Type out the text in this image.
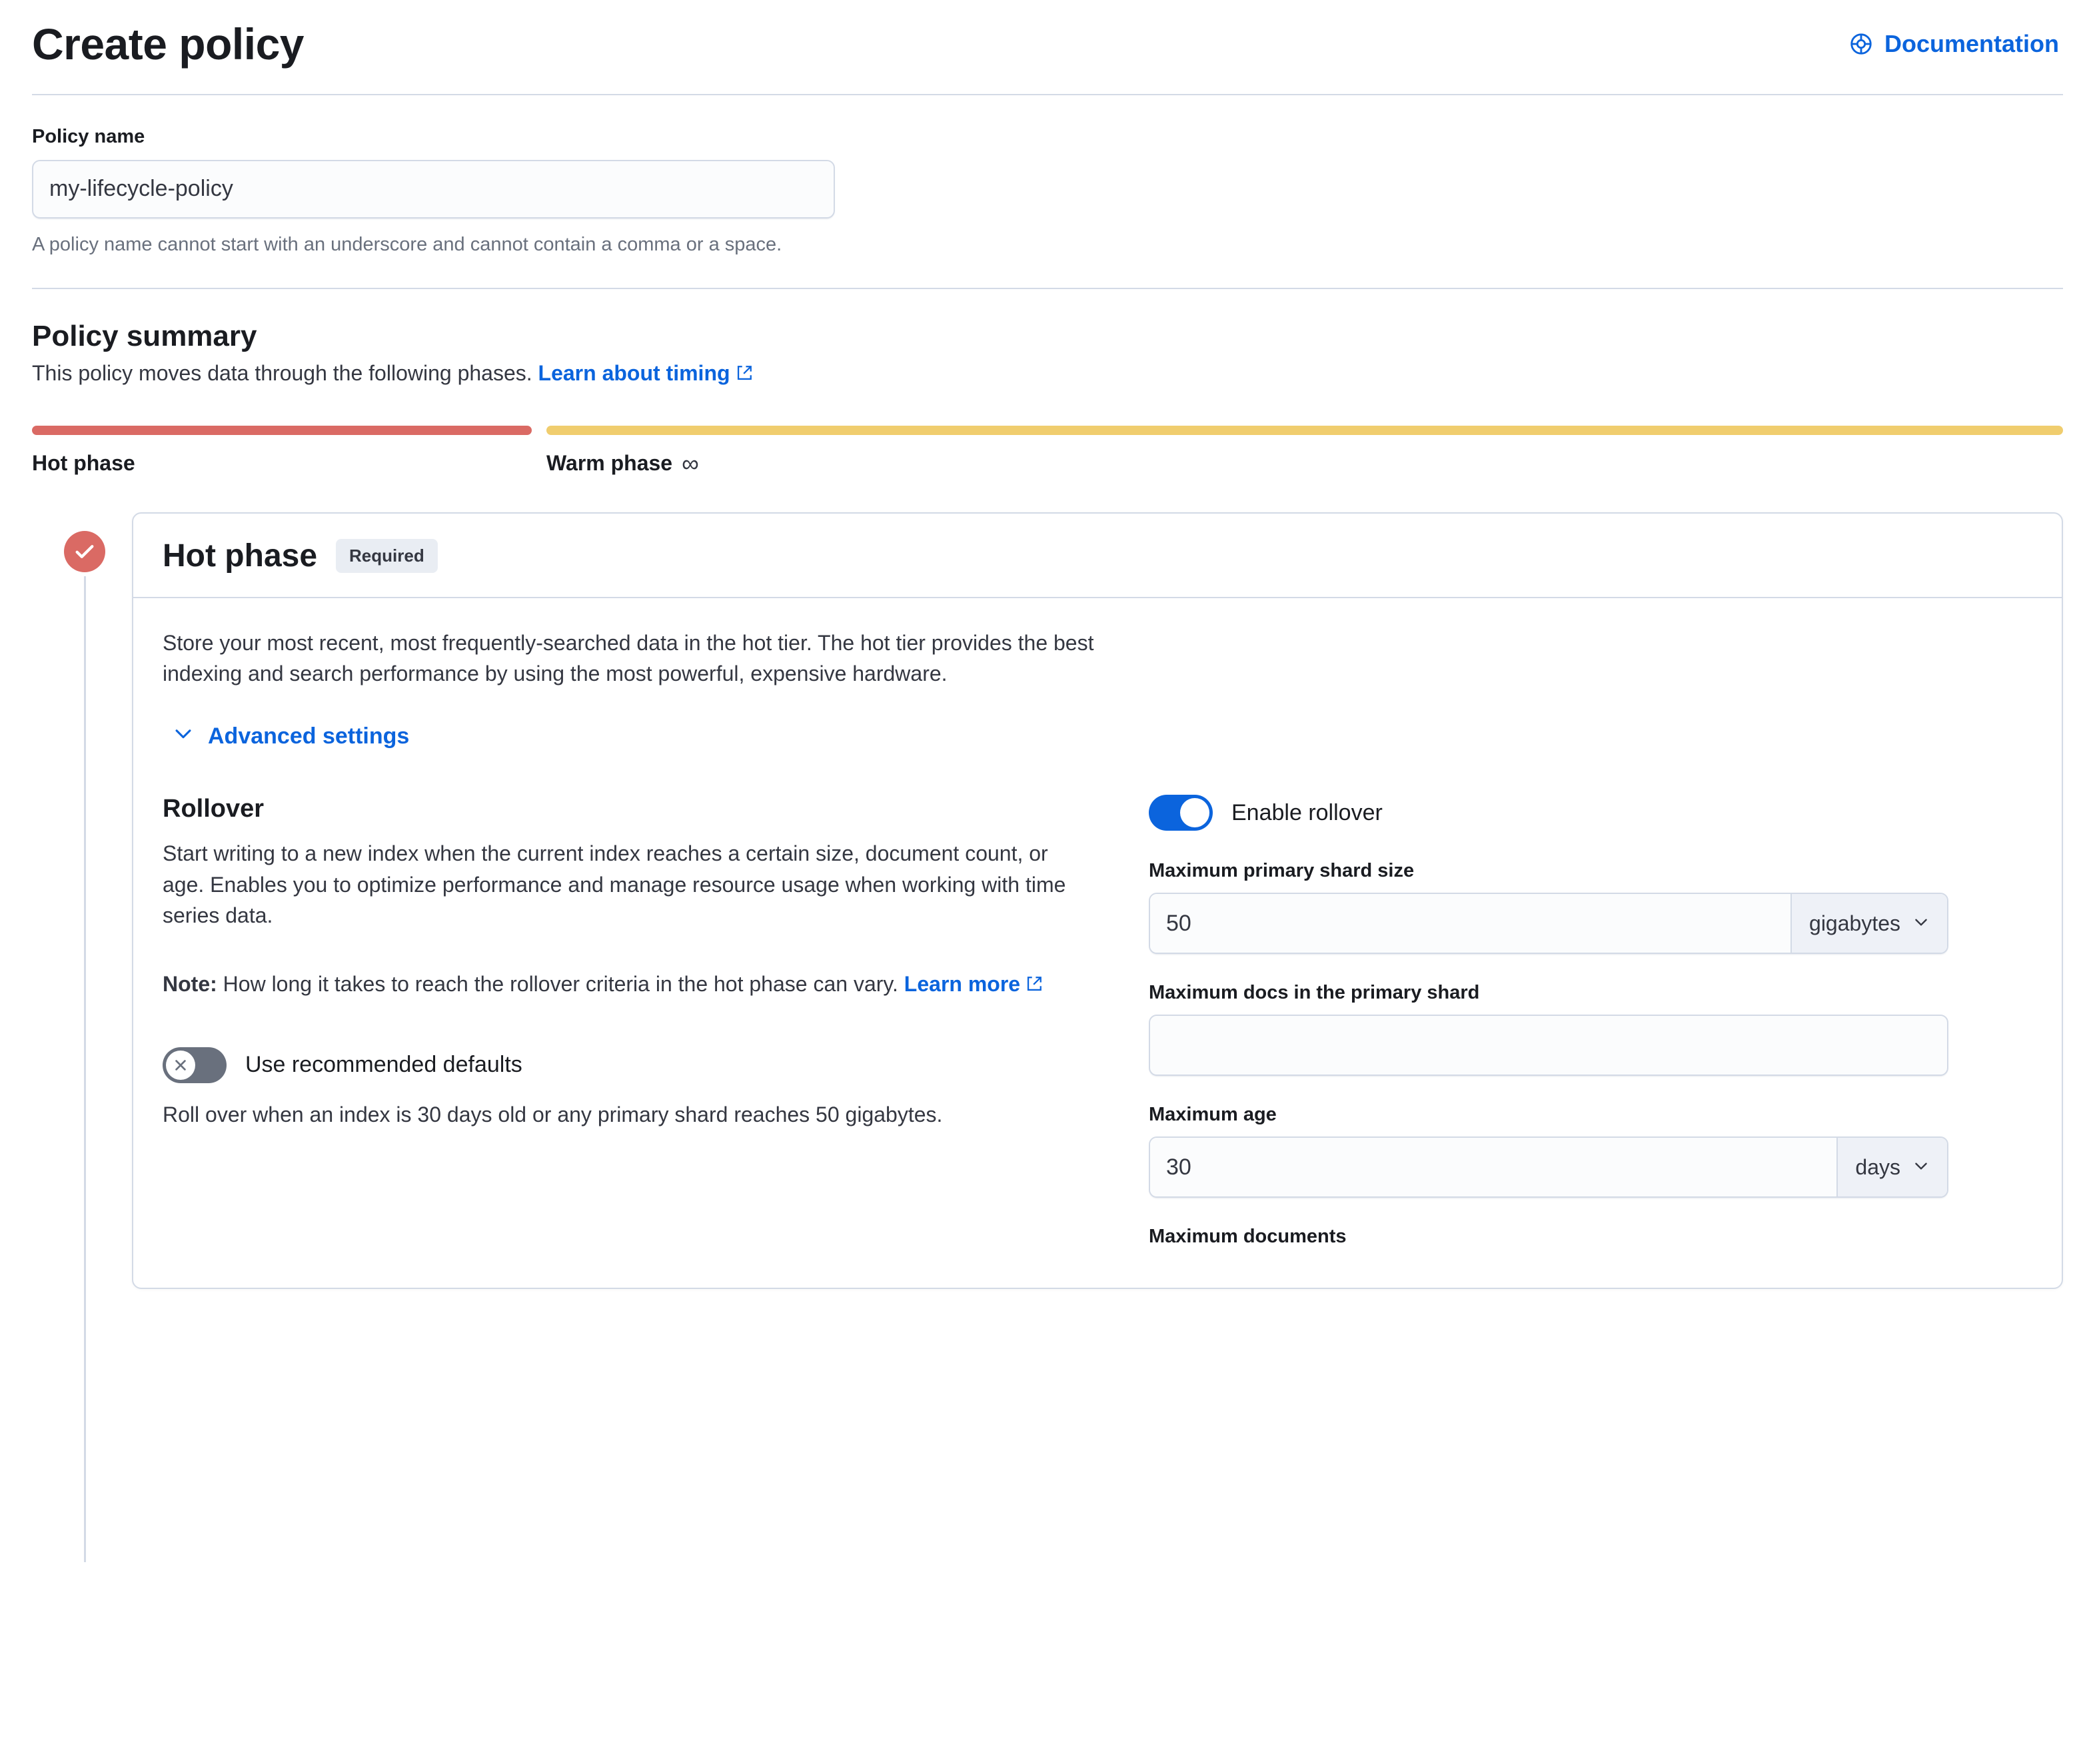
Create policy	Documentation
Policy name
my-lifecycle-policy
A policy name cannot start with an underscore and cannot contain a comma or a space.
Policy summary
This policy moves data through the following phases. Learn about timing
Hot phase	Warm phase ∞
Hot phase	Required
Store your most recent, most frequently-searched data in the hot tier. The hot tier provides the best indexing and search performance by using the most powerful, expensive hardware.
Advanced settings
Rollover
Start writing to a new index when the current index reaches a certain size, document count, or age. Enables you to optimize performance and manage resource usage when working with time series data.
Note: How long it takes to reach the rollover criteria in the hot phase can vary. Learn more
Use recommended defaults
Roll over when an index is 30 days old or any primary shard reaches 50 gigabytes.
Enable rollover
Maximum primary shard size
50	gigabytes
Maximum docs in the primary shard
Maximum age
30	days
Maximum documents
